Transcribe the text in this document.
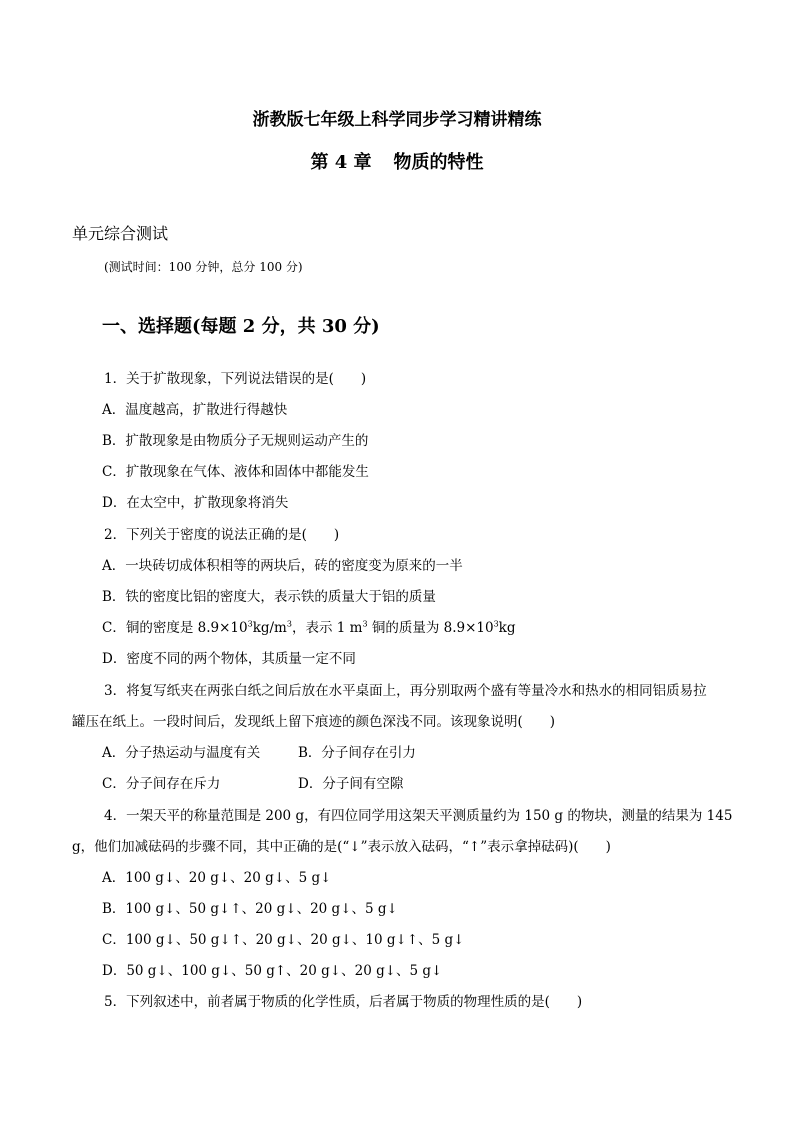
浙教版七年级上科学同步学习精讲精练
第 4 章 物质的特性
单元综合测试
(测试时间：100 分钟，总分 100 分)
一、选择题(每题 2 分，共 30 分)
1．关于扩散现象，下列说法错误的是(　　)
A．温度越高，扩散进行得越快
B．扩散现象是由物质分子无规则运动产生的
C．扩散现象在气体、液体和固体中都能发生
D．在太空中，扩散现象将消失
2．下列关于密度的说法正确的是(　　)
A．一块砖切成体积相等的两块后，砖的密度变为原来的一半
B．铁的密度比铝的密度大，表示铁的质量大于铝的质量
C．铜的密度是 $8.9\times 10^3kg/m^3$，表示 1 $m^3$ 铜的质量为 $8.9\times 10^3kg$
D．密度不同的两个物体，其质量一定不同
3．将复写纸夹在两张白纸之间后放在水平桌面上，再分别取两个盛有等量冷水和热水的相同铝质易拉
罐压在纸上。一段时间后，发现纸上留下痕迹的颜色深浅不同。该现象说明(　　)
A．分子热运动与温度有关	B．分子间存在引力
C．分子间存在斥力	D．分子间有空隙
4．一架天平的称量范围是 200 g，有四位同学用这架天平测质量约为 150 g 的物块，测量的结果为 145
g，他们加减砝码的步骤不同，其中正确的是(“↓”表示放入砝码，“↑”表示拿掉砝码)(　　)
A．100 g↓、20 g↓、20 g↓、5 g↓
B．100 g↓、50 g↓↑、20 g↓、20 g↓、5 g↓
C．100 g↓、50 g↓↑、20 g↓、20 g↓、10 g↓↑、5 g↓
D．50 g↓、100 g↓、50 g↑、20 g↓、20 g↓、5 g↓
5．下列叙述中，前者属于物质的化学性质，后者属于物质的物理性质的是(　　)
